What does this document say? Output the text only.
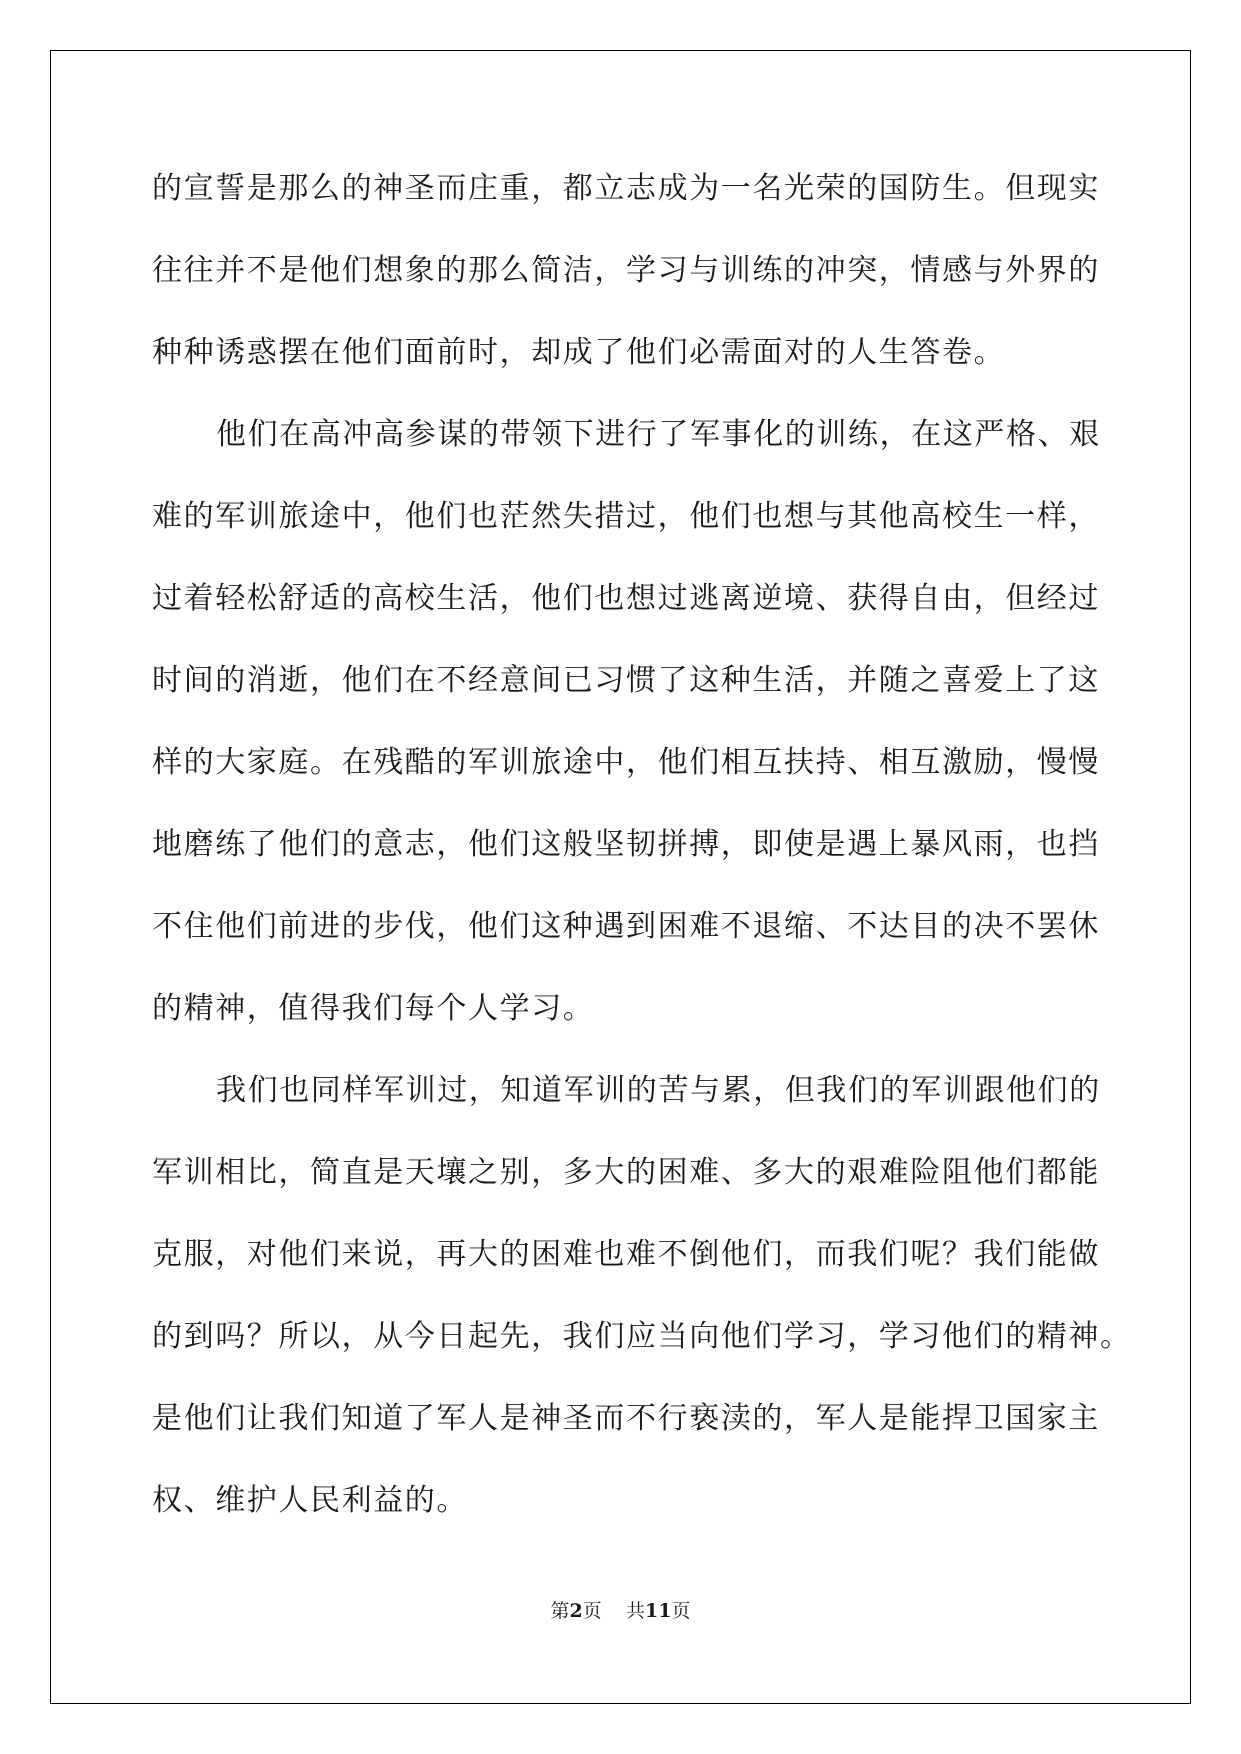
的宣誓是那么的神圣而庄重，都立志成为一名光荣的国防生。但现实
往往并不是他们想象的那么简洁，学习与训练的冲突，情感与外界的
种种诱惑摆在他们面前时，却成了他们必需面对的人生答卷。
他们在高冲高参谋的带领下进行了军事化的训练，在这严格、艰
难的军训旅途中，他们也茫然失措过，他们也想与其他高校生一样，
过着轻松舒适的高校生活，他们也想过逃离逆境、获得自由，但经过
时间的消逝，他们在不经意间已习惯了这种生活，并随之喜爱上了这
样的大家庭。在残酷的军训旅途中，他们相互扶持、相互激励，慢慢
地磨练了他们的意志，他们这般坚韧拼搏，即使是遇上暴风雨，也挡
不住他们前进的步伐，他们这种遇到困难不退缩、不达目的决不罢休
的精神，值得我们每个人学习。
我们也同样军训过，知道军训的苦与累，但我们的军训跟他们的
军训相比，简直是天壤之别，多大的困难、多大的艰难险阻他们都能
克服，对他们来说，再大的困难也难不倒他们，而我们呢？我们能做
的到吗？所以，从今日起先，我们应当向他们学习，学习他们的精神。
是他们让我们知道了军人是神圣而不行亵渎的，军人是能捍卫国家主
权、维护人民利益的。
第2页 共11页
